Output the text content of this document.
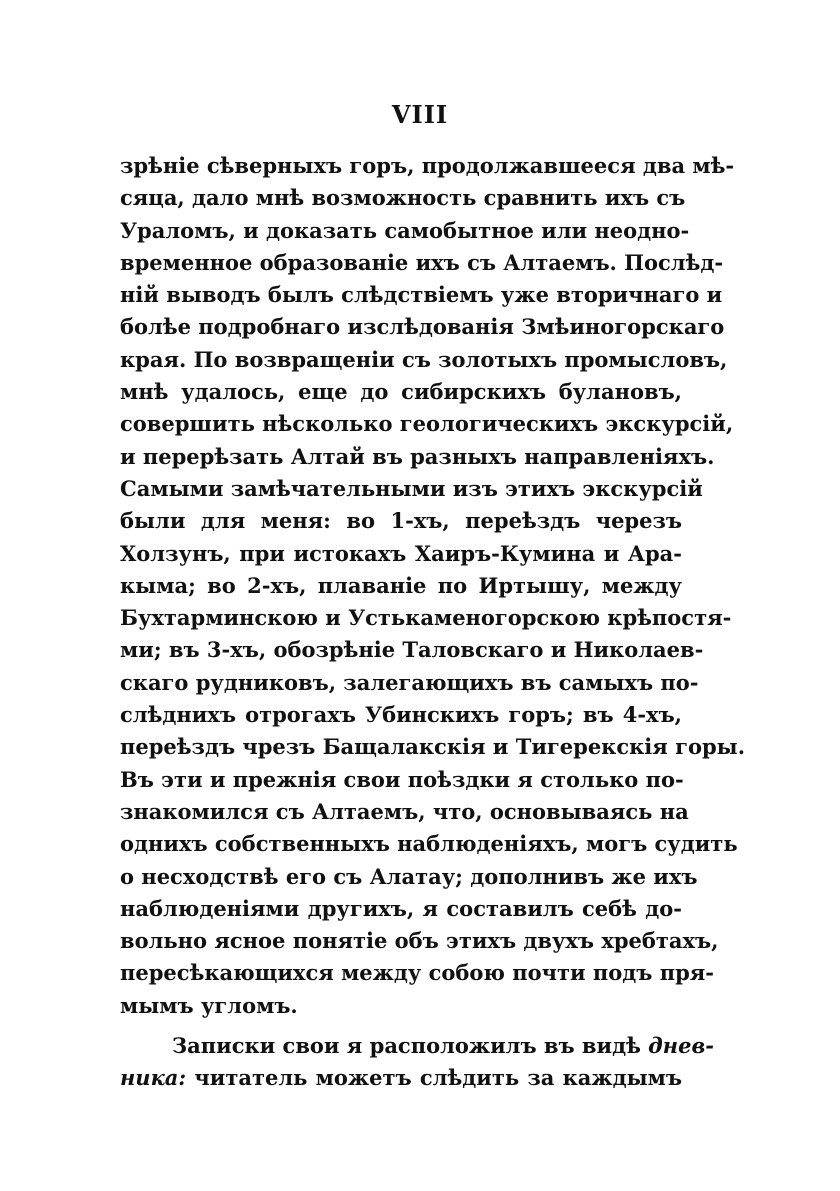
VIII
зрѣніе сѣверныхъ горъ, продолжавшееся два мѣ-
сяца, дало мнѣ возможность сравнить ихъ съ
Ураломъ, и доказать самобытное или неодно-
временное образованіе ихъ съ Алтаемъ. Послѣд-
ній выводъ былъ слѣдствіемъ уже вторичнаго и
болѣе подробнаго изслѣдованія Змѣиногорскаго
края. По возвращеніи съ золотыхъ промысловъ,
мнѣ удалось, еще до сибирскихъ булановъ,
совершить нѣсколько геологическихъ экскурсій,
и перерѣзать Алтай въ разныхъ направленіяхъ.
Самыми замѣчательными изъ этихъ экскурсій
были для меня: во 1-хъ, переѣздъ черезъ
Холзунъ, при истокахъ Хаиръ-Кумина и Ара-
кыма; во 2-хъ, плаваніе по Иртышу, между
Бухтарминскою и Устькаменогорскою крѣпостя-
ми; въ 3-хъ, обозрѣніе Таловскаго и Николаев-
скаго рудниковъ, залегающихъ въ самыхъ по-
слѣднихъ отрогахъ Убинскихъ горъ; въ 4-хъ,
переѣздъ чрезъ Бащалакскія и Тигерекскія горы.
Въ эти и прежнія свои поѣздки я столько по-
знакомился съ Алтаемъ, что, основываясь на
однихъ собственныхъ наблюденіяхъ, могъ судить
о несходствѣ его съ Алатау; дополнивъ же ихъ
наблюденіями другихъ, я составилъ себѣ до-
вольно ясное понятіе объ этихъ двухъ хребтахъ,
пересѣкающихся между собою почти подъ пря-
мымъ угломъ.
Записки свои я расположилъ въ видѣ днев-
ника: читатель можетъ слѣдить за каждымъ
